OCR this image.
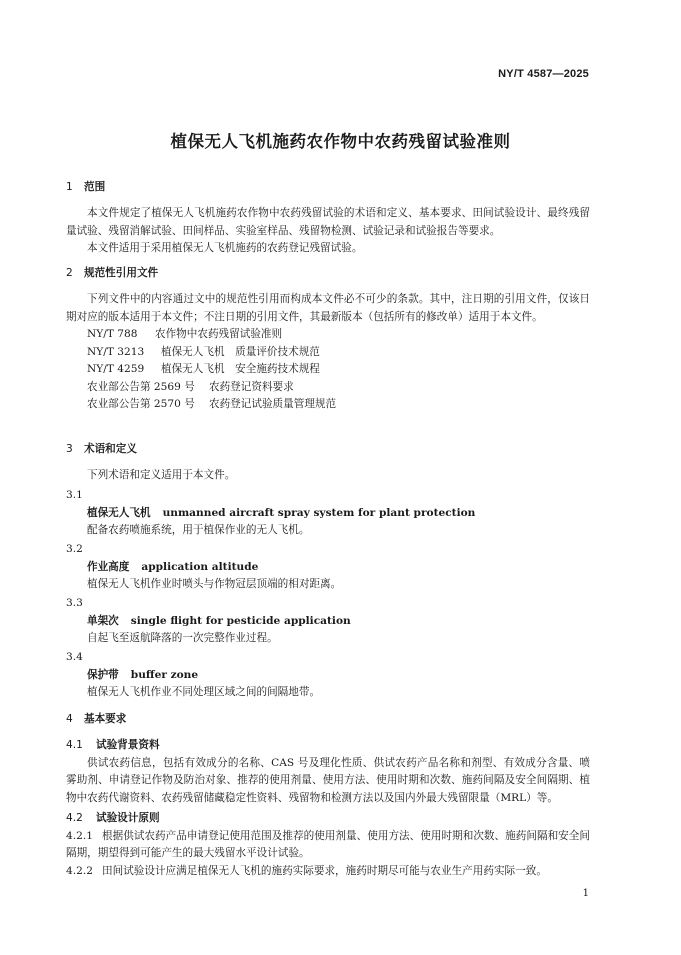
NY/T 4587—2025
植保无人飞机施药农作物中农药残留试验准则
1 范围

本文件规定了植保无人飞机施药农作物中农药残留试验的术语和定义、基本要求、田间试验设计、最终残留量试验、残留消解试验、田间样品、实验室样品、残留物检测、试验记录和试验报告等要求。

本文件适用于采用植保无人飞机施药的农药登记残留试验。

2 规范性引用文件

下列文件中的内容通过文中的规范性引用而构成本文件必不可少的条款。其中，注日期的引用文件，仅该日期对应的版本适用于本文件；不注日期的引用文件，其最新版本（包括所有的修改单）适用于本文件。

NY/T 788 农作物中农药残留试验准则

NY/T 3213 植保无人飞机　质量评价技术规范

NY/T 4259 植保无人飞机　安全施药技术规程

农业部公告第 2569 号 农药登记资料要求

农业部公告第 2570 号 农药登记试验质量管理规范

3 术语和定义

下列术语和定义适用于本文件。

3.1
植保无人飞机 unmanned aircraft spray system for plant protection
配备农药喷施系统，用于植保作业的无人飞机。
3.2
作业高度 application altitude
植保无人飞机作业时喷头与作物冠层顶端的相对距离。
3.3
单架次 single flight for pesticide application
自起飞至返航降落的一次完整作业过程。
3.4
保护带 buffer zone
植保无人飞机作业不同处理区域之间的间隔地带。
4 基本要求
4.1 试验背景资料

供试农药信息，包括有效成分的名称、CAS 号及理化性质、供试农药产品名称和剂型、有效成分含量、喷雾助剂、申请登记作物及防治对象、推荐的使用剂量、使用方法、使用时期和次数、施药间隔及安全间隔期、植物中农药代谢资料、农药残留储藏稳定性资料、残留物和检测方法以及国内外最大残留限量（MRL）等。

4.2 试验设计原则

4.2.1 根据供试农药产品申请登记使用范围及推荐的使用剂量、使用方法、使用时期和次数、施药间隔和安全间隔期，期望得到可能产生的最大残留水平设计试验。

4.2.2 田间试验设计应满足植保无人飞机的施药实际要求，施药时期尽可能与农业生产用药实际一致。

1
